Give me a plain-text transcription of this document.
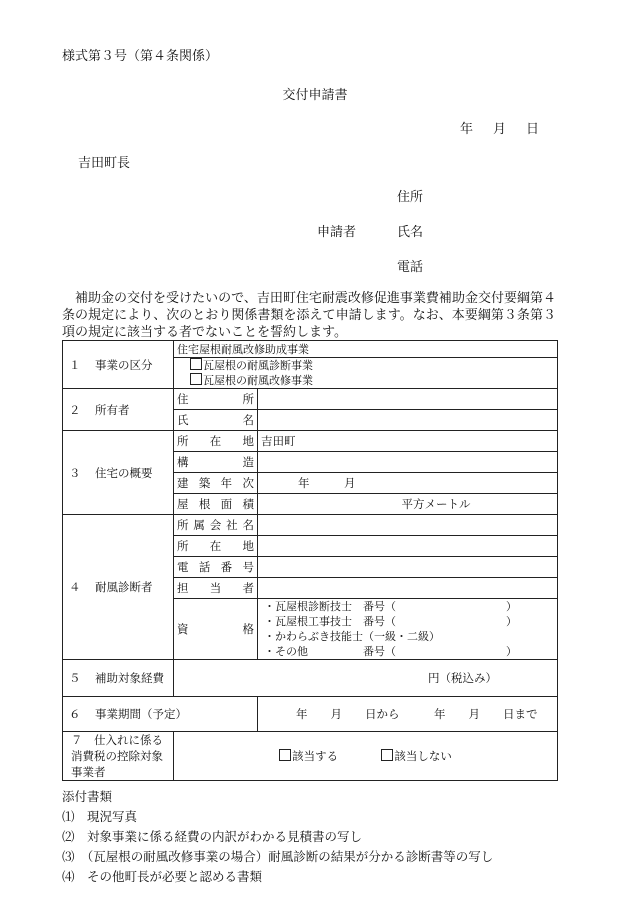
様式第３号（第４条関係）
交付申請書
年 月 日
吉田町長
住所
申請者	氏名
電話
補助金の交付を受けたいので、吉田町住宅耐震改修促進事業費補助金交付要綱第４条の規定により、次のとおり関係書類を添えて申請します。なお、本要綱第３条第３項の規定に該当する者でないことを誓約します。
１ 事業の区分	住宅屋根耐風改修助成事業	
	瓦屋根の耐風診断事業	
	瓦屋根の耐風改修事業	
２ 所有者	住所	
	氏名	
３ 住宅の概要	所在地	吉田町
	構造	
	建築年次	年　　　月
	屋根面積	平方メートル
４ 耐風診断者	所属会社名	
	所在地	
	電話番号	
	担当者	
	資格	・瓦屋根診断技士　番号（　　　　　　　　　　）
・瓦屋根工事技士　番号（　　　　　　　　　　）
・かわらぶき技能士（一級・二級）
・その他　　　　　番号（　　　　　　　　　　）

５ 補助対象経費	円（税込み）	
６ 事業期間（予定）		年　　月　　日から　　　年　　月　　日まで
７　 仕入れに係る消費税の控除対象事業者	該当する 該当しない	
添付書類
⑴　現況写真
⑵　対象事業に係る経費の内訳がわかる見積書の写し
⑶　（瓦屋根の耐風改修事業の場合）耐風診断の結果が分かる診断書等の写し
⑷　その他町長が必要と認める書類
